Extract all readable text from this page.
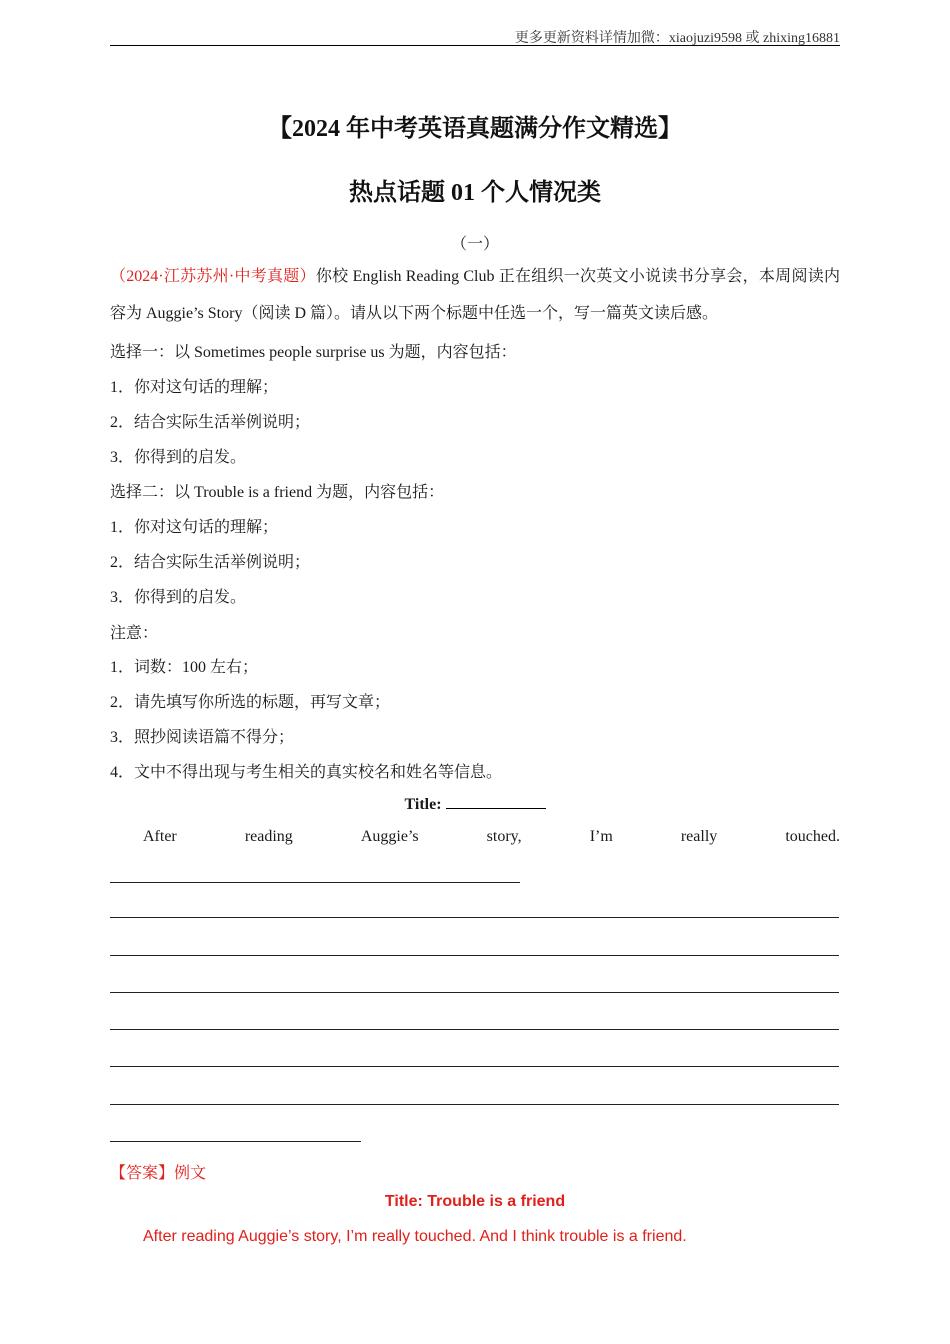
更多更新资料详情加微：xiaojuzi9598 或 zhixing16881
【2024 年中考英语真题满分作文精选】
热点话题 01 个人情况类
（一）
（2024·江苏苏州·中考真题）你校 English Reading Club 正在组织一次英文小说读书分享会，本周阅读内容为 Auggie’s Story（阅读 D 篇）。请从以下两个标题中任选一个，写一篇英文读后感。
选择一：以 Sometimes people surprise us 为题，内容包括：
1．你对这句话的理解；
2．结合实际生活举例说明；
3．你得到的启发。
选择二：以 Trouble is a friend 为题，内容包括：
1．你对这句话的理解；
2．结合实际生活举例说明；
3．你得到的启发。
注意：
1．词数：100 左右；
2．请先填写你所选的标题，再写文章；
3．照抄阅读语篇不得分；
4．文中不得出现与考生相关的真实校名和姓名等信息。
Title:
After	reading	Auggie’s	story,	I’m	really	touched.
【答案】例文
Title: Trouble is a friend
After reading Auggie’s story, I’m really touched. And I think trouble is a friend.
